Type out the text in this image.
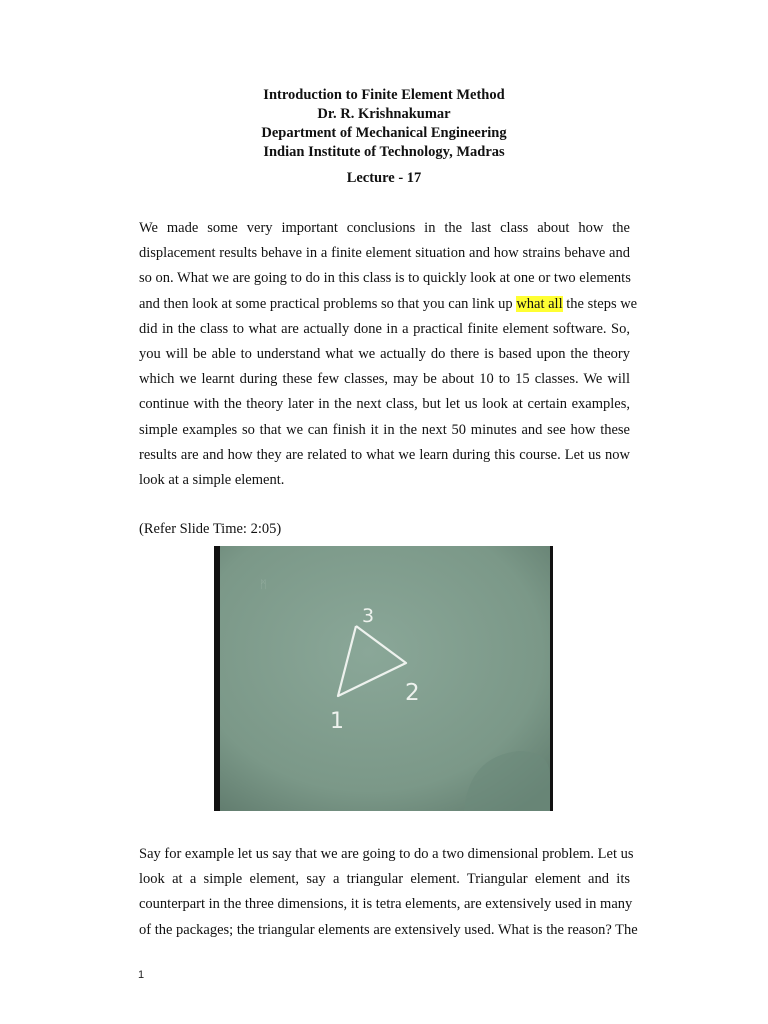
Introduction to Finite Element Method
Dr. R. Krishnakumar
Department of Mechanical Engineering
Indian Institute of Technology, Madras
Lecture - 17
We made some very important conclusions in the last class about how the
displacement results behave in a finite element situation and how strains behave and
so on. What we are going to do in this class is to quickly look at one or two elements
and then look at some practical problems so that you can link up what all the steps we
did in the class to what are actually done in a practical finite element software. So,
you will be able to understand what we actually do there is based upon the theory
which we learnt during these few classes, may be about 10 to 15 classes. We will
continue with the theory later in the next class, but let us look at certain examples,
simple examples so that we can finish it in the next 50 minutes and see how these
results are and how they are related to what we learn during this course. Let us now
look at a simple element.
(Refer Slide Time: 2:05)
ᛗ
3
2
1
Say for example let us say that we are going to do a two dimensional problem. Let us
look at a simple element, say a triangular element. Triangular element and its
counterpart in the three dimensions, it is tetra elements, are extensively used in many
of the packages; the triangular elements are extensively used. What is the reason? The
1
